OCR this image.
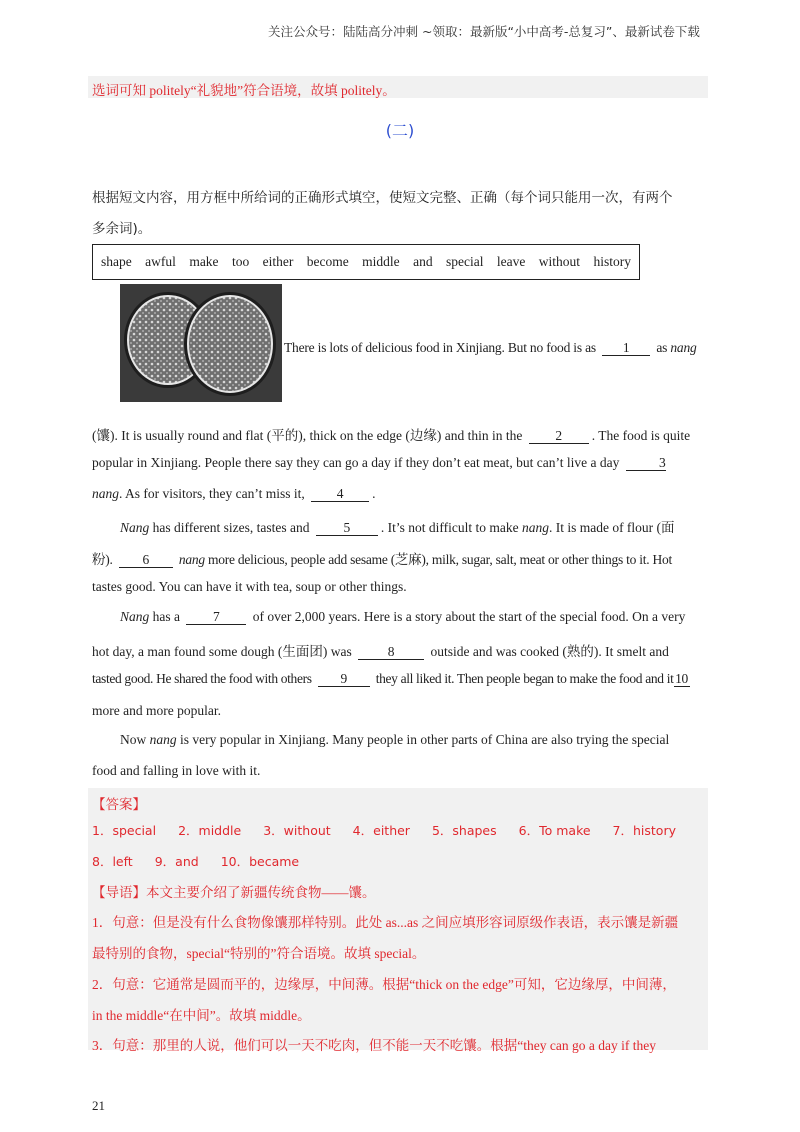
关注公众号：陆陆高分冲刺 ~领取：最新版“小中高考-总复习”、最新试卷下载
选词可知 politely“礼貌地”符合语境，故填 politely。
(二)
根据短文内容，用方框中所给词的正确形式填空，使短文完整、正确（每个词只能用一次，有两个
多余词)。
shape awful make too either become middle and special leave without history
There is lots of delicious food in Xinjiang. But no food is as 1 as nang
(馕). It is usually round and flat (平的), thick on the edge (边缘) and thin in the 2 . The food is quite
popular in Xinjiang. People there say they can go a day if they don’t eat meat, but can’t live a day	3
nang. As for visitors, they can’t miss it, 4 .
Nang has different sizes, tastes and	5 . It’s not difficult to make nang. It is made of flour (面
粉). 6 nang more delicious, people add sesame (芝麻), milk, sugar, salt, meat or other things to it. Hot
tastes good. You can have it with tea, soup or other things.
Nang has a 7 of over 2,000 years. Here is a story about the start of the special food. On a very
hot day, a man found some dough (生面团) was	8	outside and was cooked (熟的). It smelt and
tasted good. He shared the food with others 9 they all liked it. Then people began to make the food and it 10
more and more popular.
Now nang is very popular in Xinjiang. Many people in other parts of China are also trying the special
food and falling in love with it.
【答案】
1．special 2．middle 3．without 4．either 5．shapes 6．To make 7．history
8．left 9．and 10．became
【导语】本文主要介绍了新疆传统食物——馕。
1．句意：但是没有什么食物像馕那样特别。此处 as...as 之间应填形容词原级作表语，表示馕是新疆
最特别的食物，special“特别的”符合语境。故填 special。
2．句意：它通常是圆而平的，边缘厚，中间薄。根据“thick on the edge”可知，它边缘厚，中间薄，
in the middle“在中间”。故填 middle。
3．句意：那里的人说，他们可以一天不吃肉，但不能一天不吃馕。根据“they can go a day if they
21
